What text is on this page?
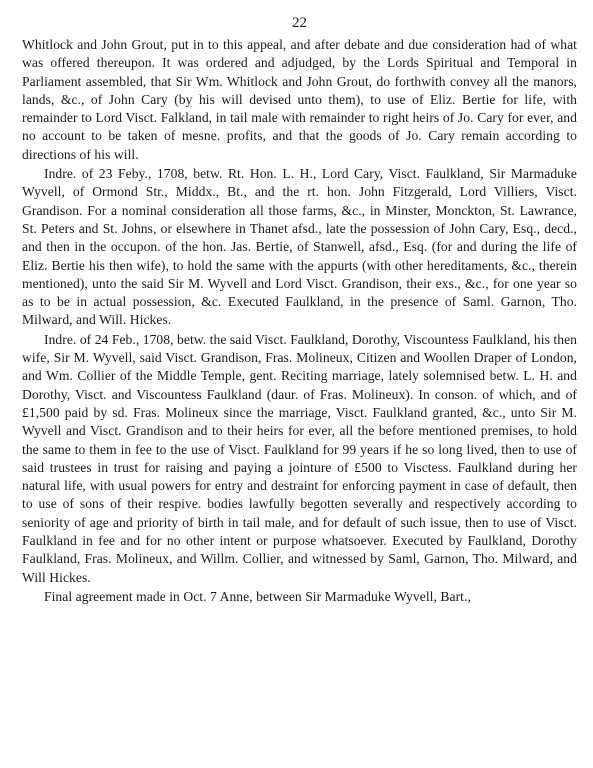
22

Whitlock and John Grout, put in to this appeal, and after debate and due consideration had of what was offered thereupon. It was ordered and adjudged, by the Lords Spiritual and Temporal in Parliament assembled, that Sir Wm. Whitlock and John Grout, do forthwith convey all the manors, lands, &c., of John Cary (by his will devised unto them), to use of Eliz. Bertie for life, with remainder to Lord Visct. Falkland, in tail male with remainder to right heirs of Jo. Cary for ever, and no account to be taken of mesne. profits, and that the goods of Jo. Cary remain according to directions of his will.

Indre. of 23 Feby., 1708, betw. Rt. Hon. L. H., Lord Cary, Visct. Faulkland, Sir Marmaduke Wyvell, of Ormond Str., Middx., Bt., and the rt. hon. John Fitzgerald, Lord Villiers, Visct. Grandison. For a nominal consideration all those farms, &c., in Minster, Monckton, St. Lawrance, St. Peters and St. Johns, or elsewhere in Thanet afsd., late the possession of John Cary, Esq., decd., and then in the occupon. of the hon. Jas. Bertie, of Stanwell, afsd., Esq. (for and during the life of Eliz. Bertie his then wife), to hold the same with the appurts (with other hereditaments, &c., therein mentioned), unto the said Sir M. Wyvell and Lord Visct. Grandison, their exs., &c., for one year so as to be in actual possession, &c. Executed Faulkland, in the presence of Saml. Garnon, Tho. Milward, and Will. Hickes.

Indre. of 24 Feb., 1708, betw. the said Visct. Faulkland, Dorothy, Viscountess Faulkland, his then wife, Sir M. Wyvell, said Visct. Grandison, Fras. Molineux, Citizen and Woollen Draper of London, and Wm. Collier of the Middle Temple, gent. Reciting marriage, lately solemnised betw. L. H. and Dorothy, Visct. and Viscountess Faulkland (daur. of Fras. Molineux). In conson. of which, and of £1,500 paid by sd. Fras. Molineux since the marriage, Visct. Faulkland granted, &c., unto Sir M. Wyvell and Visct. Grandison and to their heirs for ever, all the before mentioned premises, to hold the same to them in fee to the use of Visct. Faulkland for 99 years if he so long lived, then to use of said trustees in trust for raising and paying a jointure of £500 to Visctess. Faulkland during her natural life, with usual powers for entry and destraint for enforcing payment in case of default, then to use of sons of their respive. bodies lawfully begotten severally and respectively according to seniority of age and priority of birth in tail male, and for default of such issue, then to use of Visct. Faulkland in fee and for no other intent or purpose whatsoever. Executed by Faulkland, Dorothy Faulkland, Fras. Molineux, and Willm. Collier, and witnessed by Saml, Garnon, Tho. Milward, and Will Hickes.

Final agreement made in Oct. 7 Anne, between Sir Marmaduke Wyvell, Bart.,
